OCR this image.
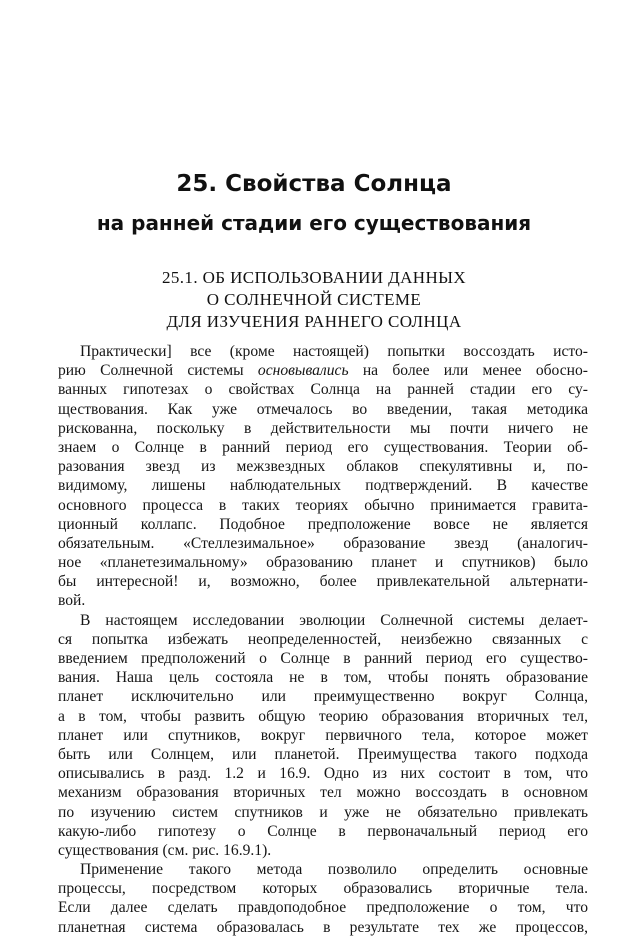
25. Свойства Солнца
на ранней стадии его существования
25.1. ОБ ИСПОЛЬЗОВАНИИ ДАННЫХ
О СОЛНЕЧНОЙ СИСТЕМЕ
ДЛЯ ИЗУЧЕНИЯ РАННЕГО СОЛНЦА
Практически] все (кроме настоящей) попытки воссоздать исто-
рию Солнечной системы основывались на более или менее обосно-
ванных гипотезах о свойствах Солнца на ранней стадии его су-
ществования. Как уже отмечалось во введении, такая методика
рискованна, поскольку в действительности мы почти ничего не
знаем о Солнце в ранний период его существования. Теории об-
разования звезд из межзвездных облаков спекулятивны и, по-
видимому, лишены наблюдательных подтверждений. В качестве
основного процесса в таких теориях обычно принимается гравита-
ционный коллапс. Подобное предположение вовсе не является
обязательным. «Стеллезимальное» образование звезд (аналогич-
ное «планетезимальному» образованию планет и спутников) было
бы интересной! и, возможно, более привлекательной альтернати-
вой.
В настоящем исследовании эволюции Солнечной системы делает-
ся попытка избежать неопределенностей, неизбежно связанных с
введением предположений о Солнце в ранний период его существо-
вания. Наша цель состояла не в том, чтобы понять образование
планет исключительно или преимущественно вокруг Солнца,
а в том, чтобы развить общую теорию образования вторичных тел,
планет или спутников, вокруг первичного тела, которое может
быть или Солнцем, или планетой. Преимущества такого подхода
описывались в разд. 1.2 и 16.9. Одно из них состоит в том, что
механизм образования вторичных тел можно воссоздать в основном
по изучению систем спутников и уже не обязательно привлекать
какую-либо гипотезу о Солнце в первоначальный период его
существования (см. рис. 16.9.1).
Применение такого метода позволило определить основные
процессы, посредством которых образовались вторичные тела.
Если далее сделать правдоподобное предположение о том, что
планетная система образовалась в результате тех же процессов,
